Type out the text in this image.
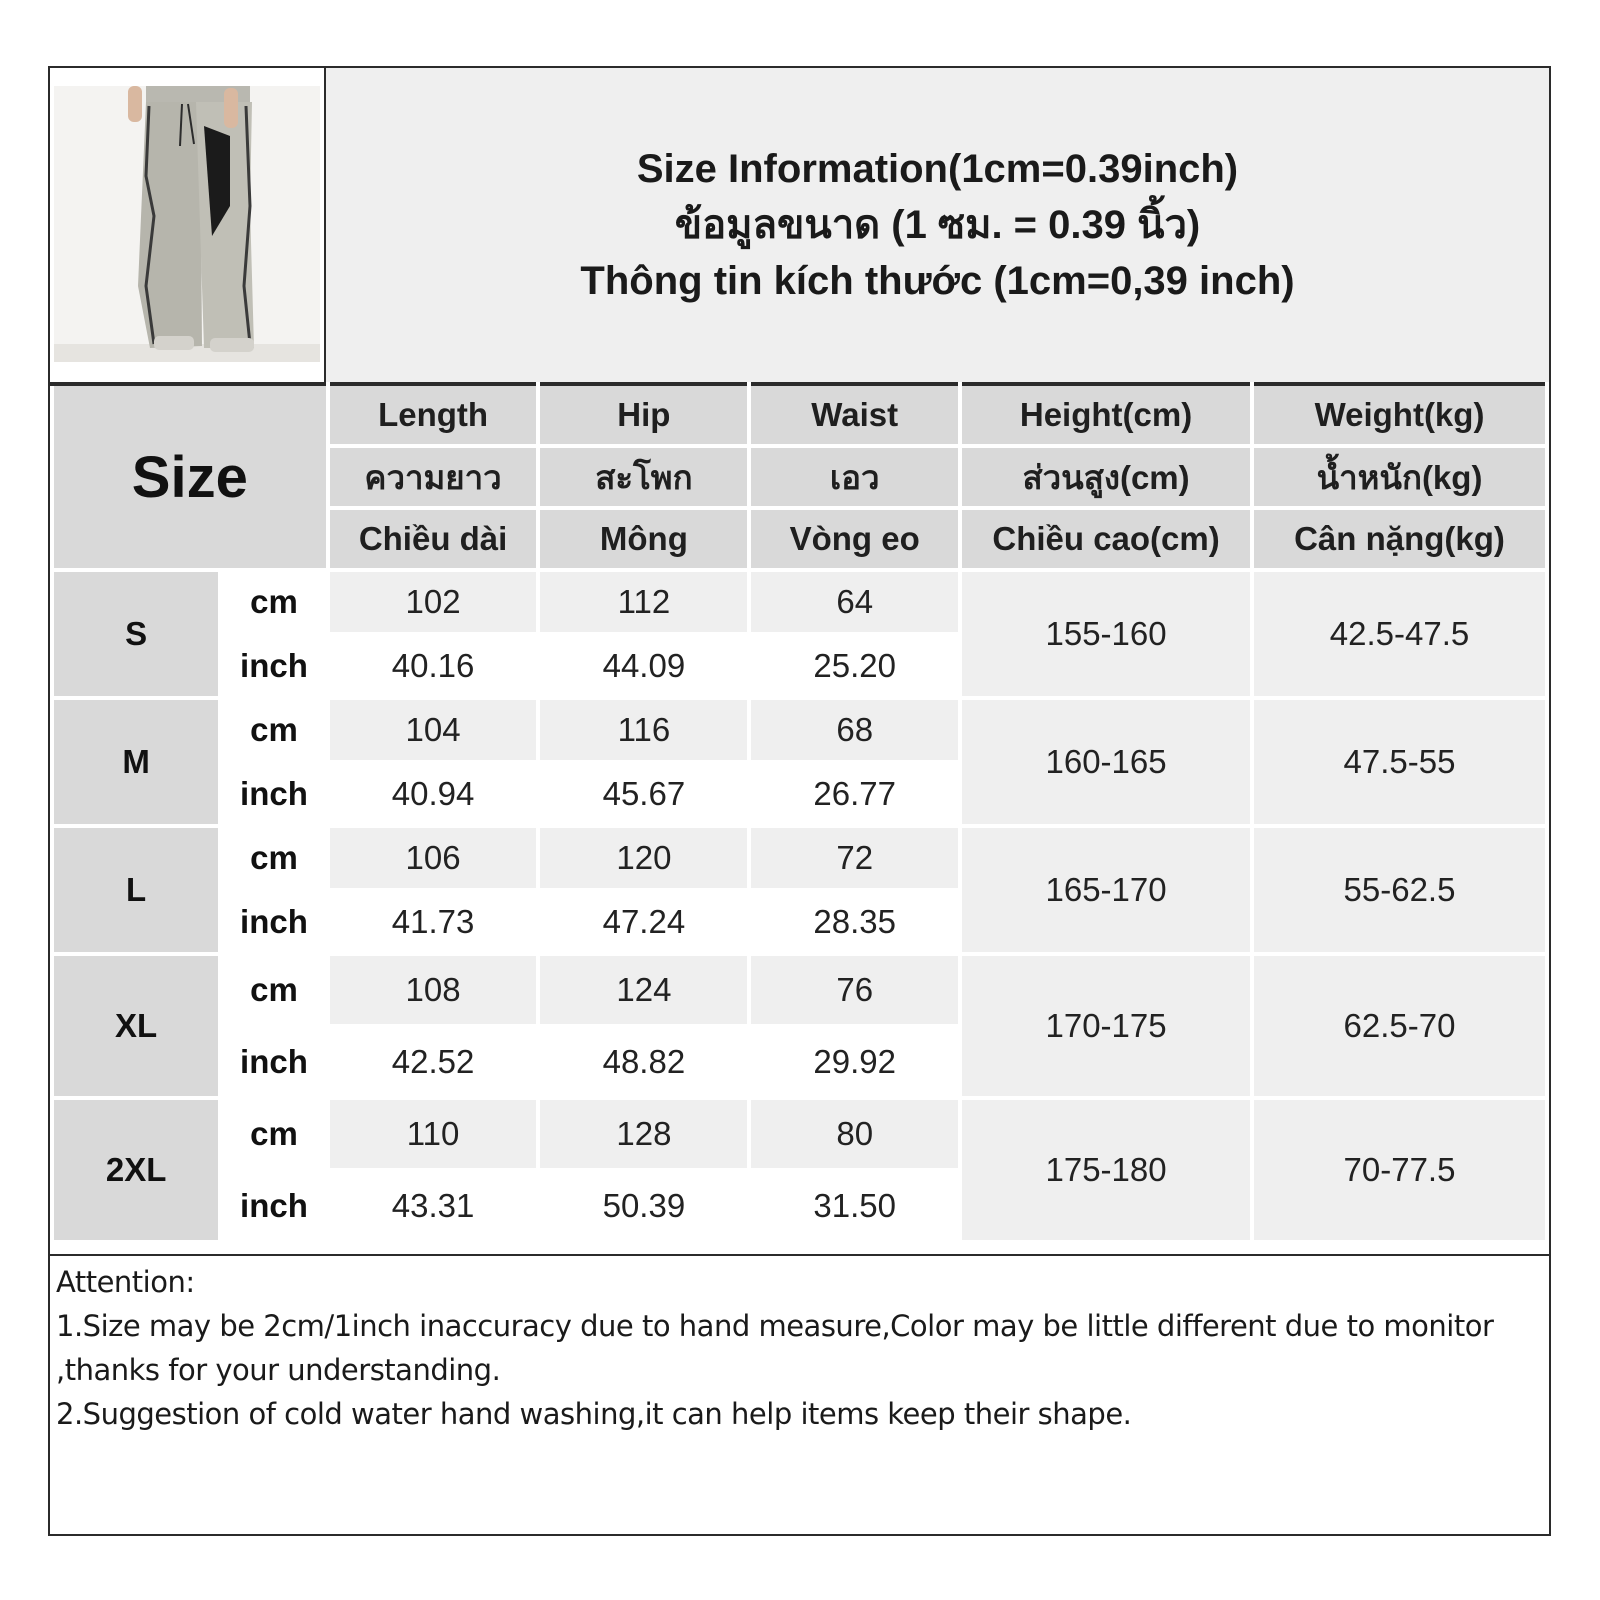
Size Information(1cm=0.39inch)
ข้อมูลขนาด (1 ซม. = 0.39 นิ้ว)
Thông tin kích thước (1cm=0,39 inch)
Size		Length	Hip	Waist	Height(cm)	Weight(kg)
		ความยาว	สะโพก	เอว	ส่วนสูง(cm)	น้ำหนัก(kg)
		Chiều dài	Mông	Vòng eo	Chiều cao(cm)	Cân nặng(kg)
S	cm	102	112	64	155-160	42.5-47.5
	inch	40.16	44.09	25.20		
M	cm	104	116	68	160-165	47.5-55
	inch	40.94	45.67	26.77		
L	cm	106	120	72	165-170	55-62.5
	inch	41.73	47.24	28.35		
XL	cm	108	124	76	170-175	62.5-70
	inch	42.52	48.82	29.92		
2XL	cm	110	128	80	175-180	70-77.5
	inch	43.31	50.39	31.50		
Attention:
1.Size may be 2cm/1inch inaccuracy due to hand measure,Color may be little different due to monitor ,thanks for your understanding.
2.Suggestion of cold water hand washing,it can help items keep their shape.
